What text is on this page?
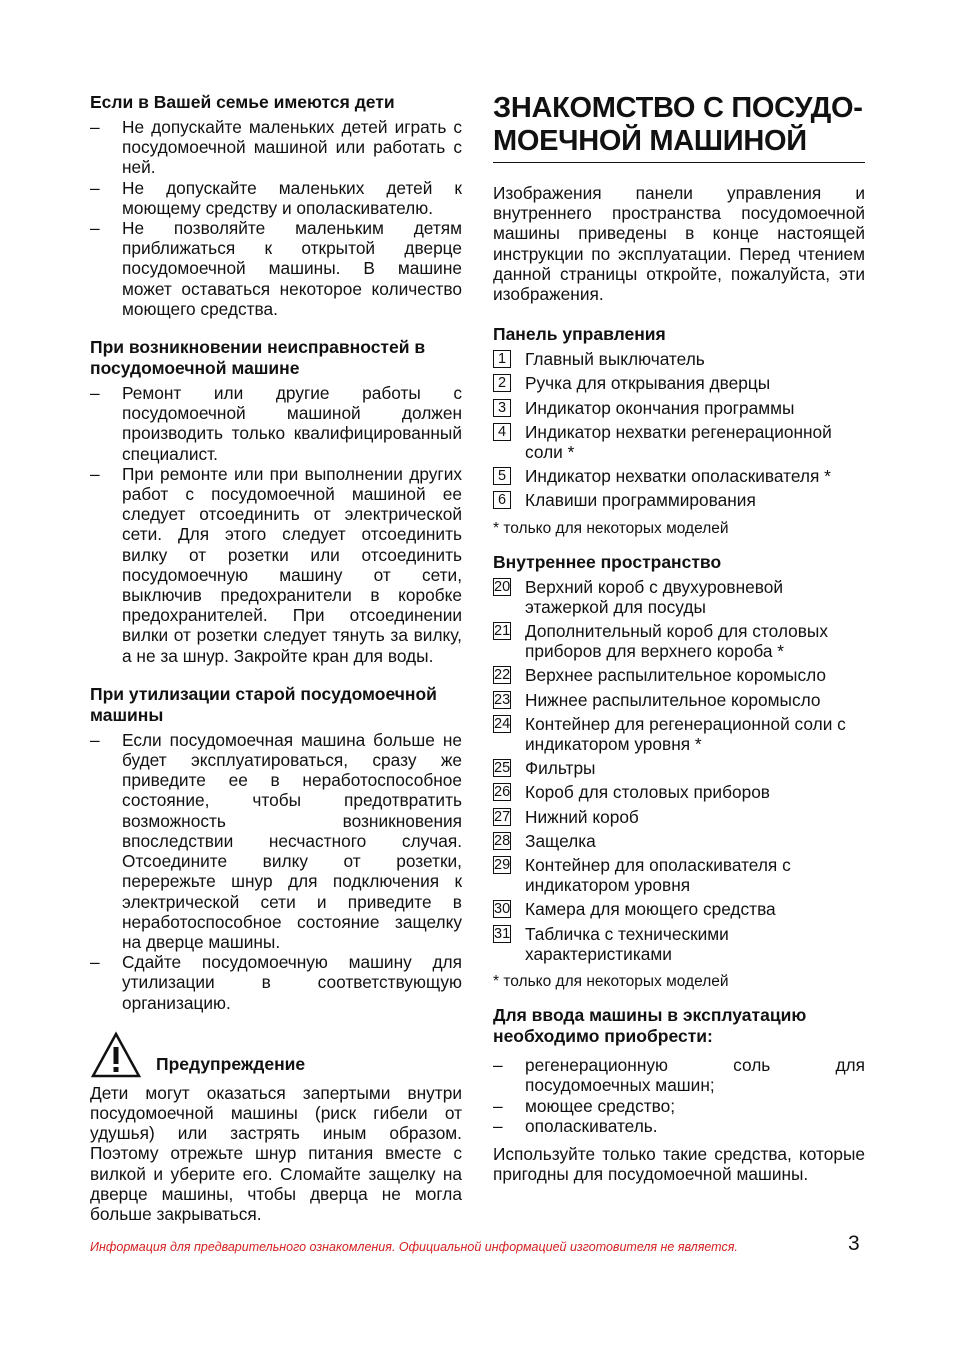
Если в Вашей семье имеются дети
– Не допускайте маленьких детей играть с посудомоечной машиной или работать с ней.
– Не допускайте маленьких детей к моющему средству и ополаскивателю.
– Не позволяйте маленьким детям приближаться к открытой дверце посудомоечной машины. В машине может оставаться некоторое количество моющего средства.
При возникновении неисправностей в посудомоечной машине
– Ремонт или другие работы с посудомоечной машиной должен производить только квалифицированный специалист.
– При ремонте или при выполнении других работ с посудомоечной машиной ее следует отсоединить от электрической сети. Для этого следует отсоединить вилку от розетки или отсоединить посудомоечную машину от сети, выключив предохранители в коробке предохранителей. При отсоединении вилки от розетки следует тянуть за вилку, а не за шнур. Закройте кран для воды.
При утилизации старой посудомоечной машины
– Если посудомоечная машина больше не будет эксплуатироваться, сразу же приведите ее в неработоспособное состояние, чтобы предотвратить возможность возникновения впоследствии несчастного случая. Отсоедините вилку от розетки, перережьте шнур для подключения к электрической сети и приведите в неработоспособное состояние защелку на дверце машины.
– Сдайте посудомоечную машину для утилизации в соответствующую организацию.
Предупреждение

Дети могут оказаться запертыми внутри посудомоечной машины (риск гибели от удушья) или застрять иным образом. Поэтому отрежьте шнур питания вместе с вилкой и уберите его. Сломайте защелку на дверце машины, чтобы дверца не могла больше закрываться.

ЗНАКОМСТВО С ПОСУДО-МОЕЧНОЙ МАШИНОЙ

Изображения панели управления и внутреннего пространства посудомоечной машины приведены в конце настоящей инструкции по эксплуатации. Перед чтением данной страницы откройте, пожалуйста, эти изображения.

Панель управления
1 Главный выключатель
2 Ручка для открывания дверцы
3 Индикатор окончания программы
4 Индикатор нехватки регенерационной соли *
5 Индикатор нехватки ополаскивателя *
6 Клавиши программирования
* только для некоторых моделей
Внутреннее пространство
20 Верхний короб с двухуровневой этажеркой для посуды
21 Дополнительный короб для столовых приборов для верхнего короба *
22 Верхнее распылительное коромысло
23 Нижнее распылительное коромысло
24 Контейнер для регенерационной соли с индикатором уровня *
25 Фильтры
26 Короб для столовых приборов
27 Нижний короб
28 Защелка
29 Контейнер для ополаскивателя с индикатором уровня
30 Камера для моющего средства
31 Табличка с техническими характеристиками
* только для некоторых моделей
Для ввода машины в эксплуатацию необходимо приобрести:
– регенерационную соль для посудомоечных машин;
– моющее средство;
– ополаскиватель.

Используйте только такие средства, которые пригодны для посудомоечной машины.

Информация для предварительного ознакомления. Официальной информацией изготовителя не является.	3
